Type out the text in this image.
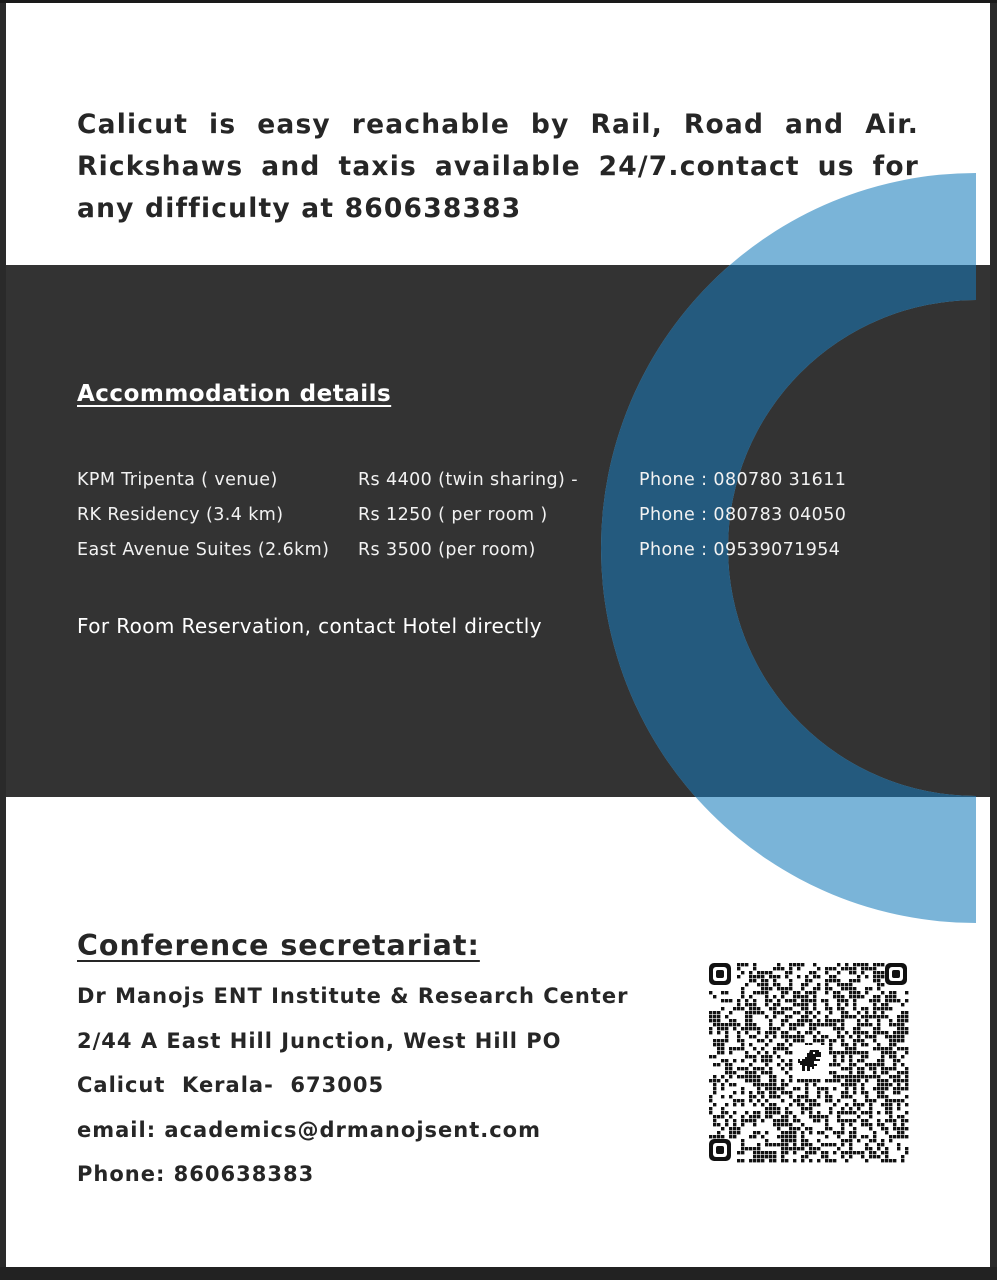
Calicut is easy reachable by Rail, Road and Air. Rickshaws and taxis available 24/7.contact us for any difficulty at 860638383
Accommodation details
KPM Tripenta ( venue)	Rs 4400 (twin sharing) -	Phone : 080780 31611
RK Residency (3.4 km)	Rs 1250 ( per room )	Phone : 080783 04050
East Avenue Suites (2.6km) Rs 3500 (per room)	Phone : 09539071954
For Room Reservation, contact Hotel directly
Conference secretariat:
Dr Manojs ENT Institute & Research Center
2/44 A East Hill Junction, West Hill PO
Calicut  Kerala-  673005
email: academics@drmanojsent.com
Phone: 860638383
